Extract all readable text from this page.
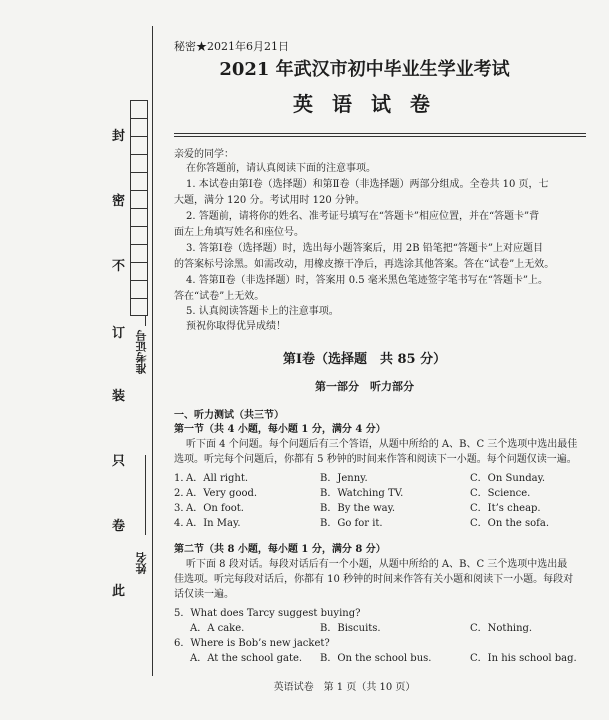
准考证号
姓名
封
密
不
订
装
只
卷
此
秘密★2021年6月21日
2021 年武汉市初中毕业生学业考试
英 语 试 卷
亲爱的同学：
在你答题前，请认真阅读下面的注意事项。
1. 本试卷由第Ⅰ卷（选择题）和第Ⅱ卷（非选择题）两部分组成。全卷共 10 页，七
大题，满分 120 分。考试用时 120 分钟。
2. 答题前，请将你的姓名、准考证号填写在“答题卡”相应位置，并在“答题卡”背
面左上角填写姓名和座位号。
3. 答第Ⅰ卷（选择题）时，选出每小题答案后，用 2B 铅笔把“答题卡”上对应题目
的答案标号涂黑。如需改动，用橡皮擦干净后，再选涂其他答案。答在“试卷”上无效。
4. 答第Ⅱ卷（非选择题）时，答案用 0.5 毫米黑色笔迹签字笔书写在“答题卡”上。
答在“试卷”上无效。
5. 认真阅读答题卡上的注意事项。
预祝你取得优异成绩！
第Ⅰ卷（选择题　共 85 分）
第一部分　听力部分
一、听力测试（共三节）
第一节（共 4 小题，每小题 1 分，满分 4 分）
听下面 4 个问题。每个问题后有三个答语，从题中所给的 A、B、C 三个选项中选出最佳
选项。听完每个问题后，你都有 5 秒钟的时间来作答和阅读下一小题。每个问题仅读一遍。
1．
A．All right.	B．Jenny.	C．On Sunday.
2．
A．Very good.	B．Watching TV.	C．Science.
3．
A．On foot.	B．By the way.	C．It’s cheap.
4．
A．In May.	B．Go for it.	C．On the sofa.
第二节（共 8 小题，每小题 1 分，满分 8 分）
听下面 8 段对话。每段对话后有一个小题，从题中所给的 A、B、C 三个选项中选出最
佳选项。听完每段对话后，你都有 10 秒钟的时间来作答有关小题和阅读下一小题。每段对
话仅读一遍。
5．What does Tarcy suggest buying?
A．A cake.	B．Biscuits.	C．Nothing.
6．Where is Bob’s new jacket?
A．At the school gate. B．On the school bus.	C．In his school bag.
英语试卷　第 1 页（共 10 页）
